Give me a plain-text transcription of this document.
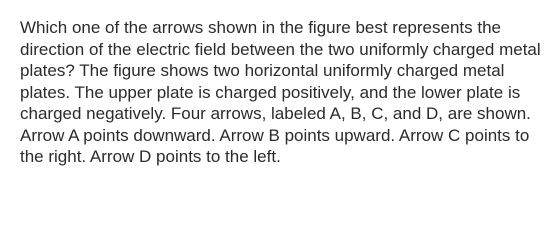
Which one of the arrows shown in the figure best represents the direction of the electric field between the two uniformly charged metal plates? The figure shows two horizontal uniformly charged metal plates. The upper plate is charged positively, and the lower plate is charged negatively. Four arrows, labeled A, B, C, and D, are shown. Arrow A points downward. Arrow B points upward. Arrow C points to the right. Arrow D points to the left.
